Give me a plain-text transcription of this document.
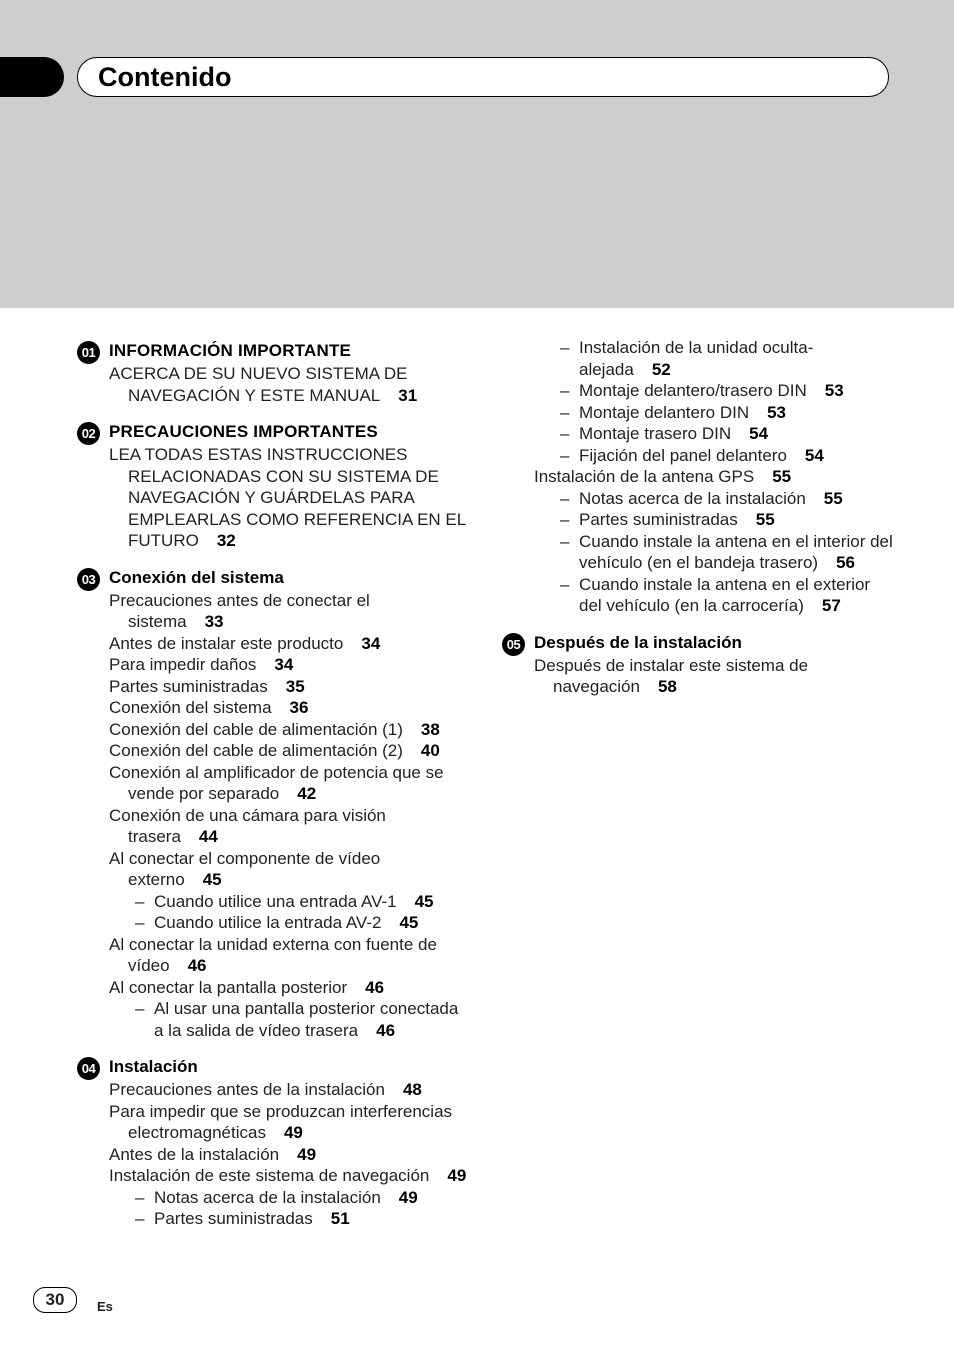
Contenido
01 INFORMACIÓN IMPORTANTE
ACERCA DE SU NUEVO SISTEMA DE NAVEGACIÓN Y ESTE MANUAL 31
02 PRECAUCIONES IMPORTANTES
LEA TODAS ESTAS INSTRUCCIONES RELACIONADAS CON SU SISTEMA DE NAVEGACIÓN Y GUÁRDELAS PARA EMPLEARLAS COMO REFERENCIA EN EL FUTURO 32
03 Conexión del sistema
Precauciones antes de conectar el sistema 33
Antes de instalar este producto 34
Para impedir daños 34
Partes suministradas 35
Conexión del sistema 36
Conexión del cable de alimentación (1) 38
Conexión del cable de alimentación (2) 40
Conexión al amplificador de potencia que se vende por separado 42
Conexión de una cámara para visión trasera 44
Al conectar el componente de vídeo externo 45
– Cuando utilice una entrada AV-1 45
– Cuando utilice la entrada AV-2 45
Al conectar la unidad externa con fuente de vídeo 46
Al conectar la pantalla posterior 46
– Al usar una pantalla posterior conectada a la salida de vídeo trasera 46
04 Instalación
Precauciones antes de la instalación 48
Para impedir que se produzcan interferencias electromagnéticas 49
Antes de la instalación 49
Instalación de este sistema de navegación 49
– Notas acerca de la instalación 49
– Partes suministradas 51
– Instalación de la unidad oculta-alejada 52
– Montaje delantero/trasero DIN 53
– Montaje delantero DIN 53
– Montaje trasero DIN 54
– Fijación del panel delantero 54
Instalación de la antena GPS 55
– Notas acerca de la instalación 55
– Partes suministradas 55
– Cuando instale la antena en el interior del vehículo (en el bandeja trasero) 56
– Cuando instale la antena en el exterior del vehículo (en la carrocería) 57
05 Después de la instalación
Después de instalar este sistema de navegación 58
30	Es
